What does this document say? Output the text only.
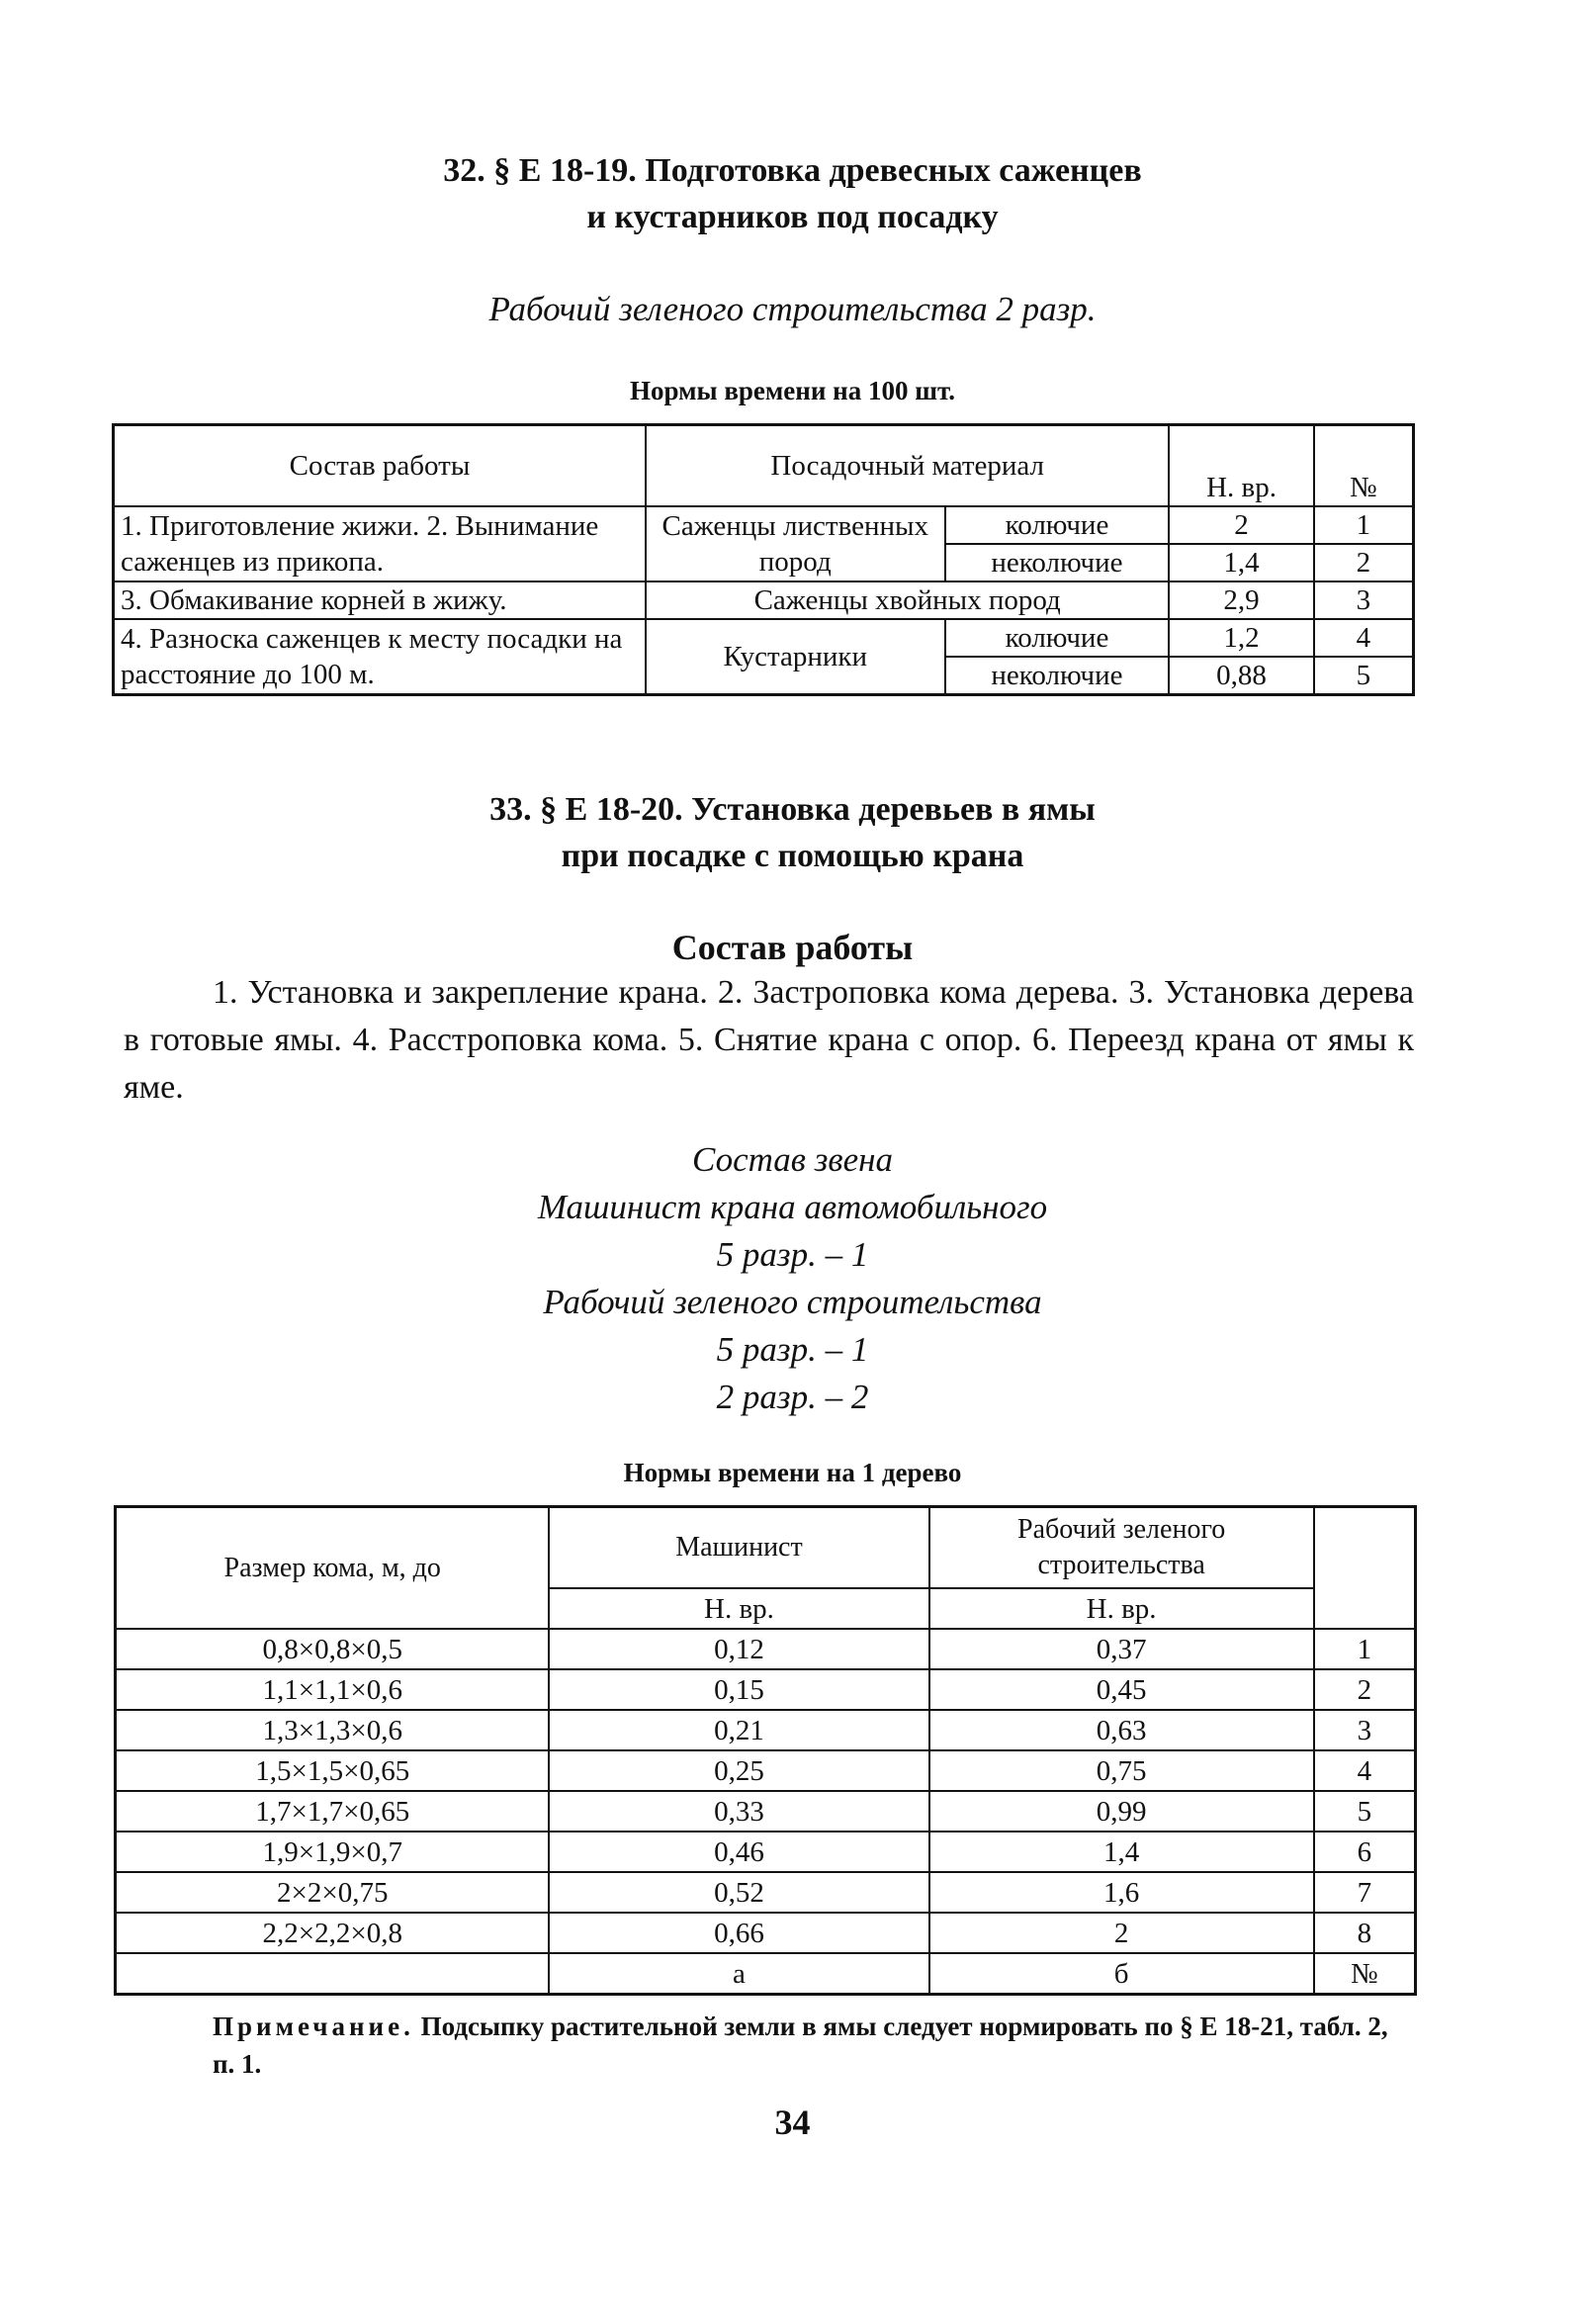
32. § Е 18-19. Подготовка древесных саженцев
и кустарников под посадку
Рабочий зеленого строительства 2 разр.
Нормы времени на 100 шт.
Состав работы	Посадочный материал		Н. вр.	№
1. Приготовление жижи. 2. Вынимание саженцев из прикопа.	Саженцы лиственных пород	колючие	2	1
		неколючие	1,4	2
3. Обмакивание корней в жижу.	Саженцы хвойных пород		2,9	3
4. Разноска саженцев к месту посадки на расстояние до 100 м.	Кустарники	колючие	1,2	4
		неколючие	0,88	5
33. § Е 18-20. Установка деревьев в ямы
при посадке с помощью крана
Состав работы
1. Установка и закрепление крана. 2. Застроповка кома дерева. 3. Установка дерева в готовые ямы. 4. Расстроповка кома. 5. Снятие крана с опор. 6. Переезд крана от ямы к яме.
Состав звена
Машинист крана автомобильного
5 разр. – 1
Рабочий зеленого строительства
5 разр. – 1
2 разр. – 2
Нормы времени на 1 дерево
Размер кома, м, до	Машинист	Рабочий зеленого строительства	
	Н. вр.	Н. вр.	
0,8×0,8×0,5	0,12	0,37	1
1,1×1,1×0,6	0,15	0,45	2
1,3×1,3×0,6	0,21	0,63	3
1,5×1,5×0,65	0,25	0,75	4
1,7×1,7×0,65	0,33	0,99	5
1,9×1,9×0,7	0,46	1,4	6
2×2×0,75	0,52	1,6	7
2,2×2,2×0,8	0,66	2	8
	а	б	№
Примечание. Подсыпку растительной земли в ямы следует нормировать по § Е 18-21, табл. 2, п. 1.
34
